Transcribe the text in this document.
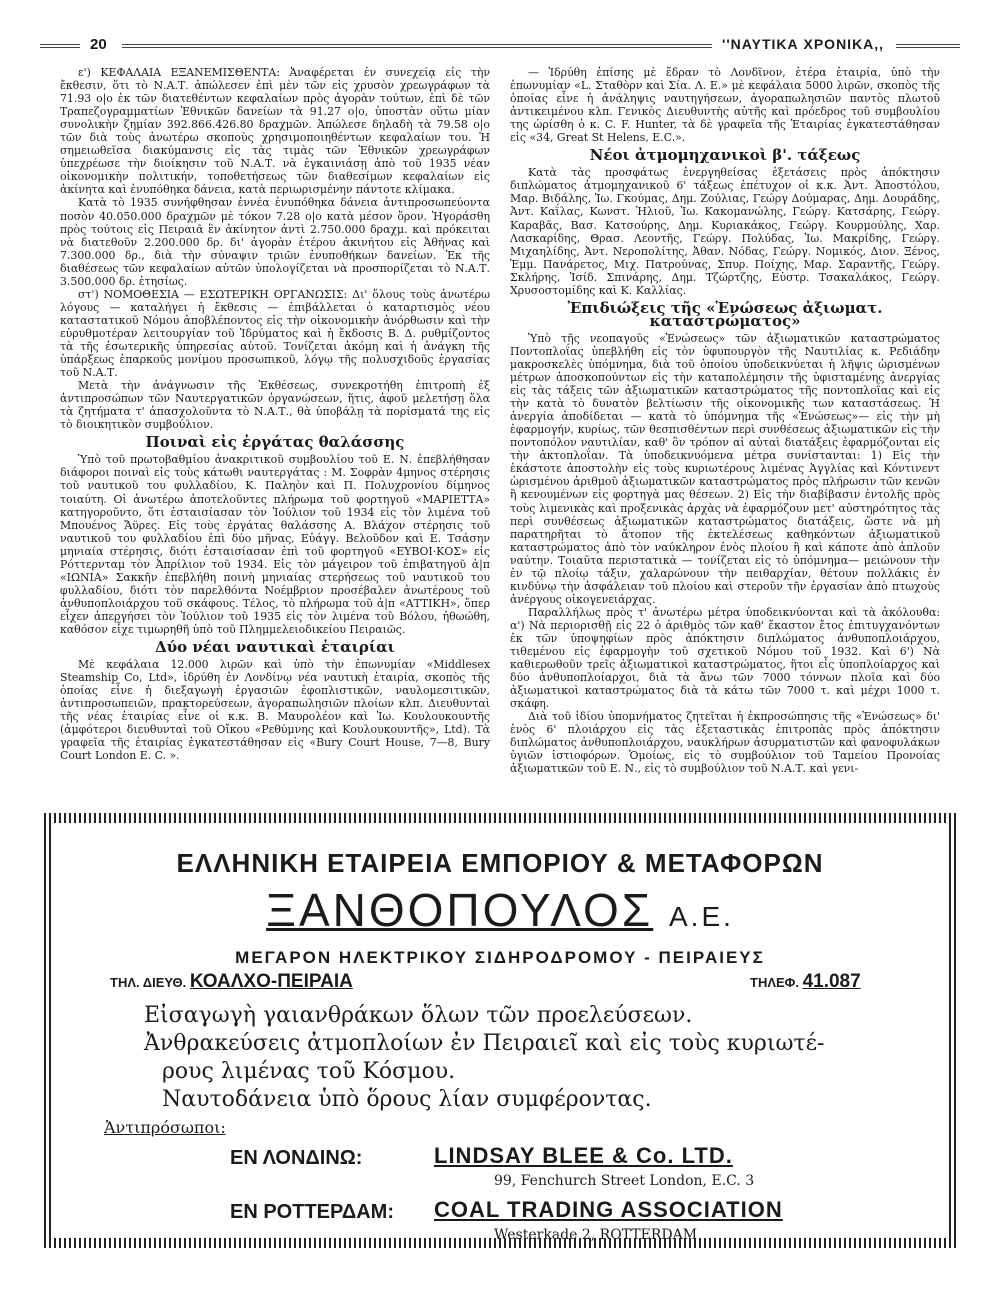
20	''ΝΑΥΤΙΚΑ ΧΡΟΝΙΚΑ,,

ε') ΚΕΦΑΛΑΙΑ ΕΞΑΝΕΜΙΣΘΕΝΤΑ: Ἀναφέρεται ἐν συνεχείᾳ εἰς τὴν ἔκθεσιν, ὅτι τὸ Ν.Α.Τ. ἀπώλεσεν ἐπὶ μὲν τῶν εἰς χρυσὸν χρεωγράφων τὰ 71.93 ο|ο ἐκ τῶν διατεθέντων κεφαλαίων πρὸς ἀγορὰν τούτων, ἐπὶ δὲ τῶν Τραπεζογραμματίων Ἐθνικῶν δανείων τὰ 91.27 ο|ο, ὑποστὰν οὕτω μίαν συνολικὴν ζημίαν 392.866.426.80 δραχμῶν. Ἀπώλεσε δηλαδὴ τὰ 79.58 ο|ο τῶν διὰ τοὺς ἀνωτέρω σκοποὺς χρησιμοποιηθέντων κεφαλαίων του. Ἡ σημειωθεῖσα διακύμανσις εἰς τὰς τιμὰς τῶν Ἐθνικῶν χρεωγράφων ὑπεχρέωσε τὴν διοίκησιν τοῦ Ν.Α.Τ. νὰ ἐγκαινιάσῃ ἀπὸ τοῦ 1935 νέαν οἰκονομικὴν πολιτικήν, τοποθετήσεως τῶν διαθεσίμων κεφαλαίων εἰς ἀκίνητα καὶ ἐνυπόθηκα δάνεια, κατὰ περιωρισμένην πάντοτε κλίμακα.

Κατὰ τὸ 1935 συνήφθησαν ἐννέα ἐνυπόθηκα δάνεια ἀντιπροσωπεύοντα ποσὸν 40.050.000 δραχμῶν μὲ τόκον 7.28 ο|ο κατὰ μέσον ὅρον. Ἠγοράσθη πρὸς τούτοις εἰς Πειραιᾶ ἓν ἀκίνητον ἀντὶ 2.750.000 δραχμ. καὶ πρόκειται νὰ διατεθοῦν 2.200.000 δρ. δι' ἀγορὰν ἑτέρου ἀκινήτου εἰς Ἀθήνας καὶ 7.300.000 δρ., διὰ τὴν σύναψιν τριῶν ἐνυποθήκων δανείων. Ἐκ τῆς διαθέσεως τῶν κεφαλαίων αὐτῶν ὑπολογίζεται νὰ προσπορίζεται τὸ Ν.Α.Τ. 3.500.000 δρ. ἐτησίως.

στ') ΝΟΜΟΘΕΣΙΑ — ΕΣΩΤΕΡΙΚΗ ΟΡΓΑΝΩΣΙΣ: Δι' ὅλους τοὺς ἀνωτέρω λόγους — καταλήγει ἡ ἔκθεσις — ἐπιβάλλεται ὁ καταρτισμὸς νέου καταστατικοῦ Νόμου ἀποβλέποντος εἰς τὴν οἰκονομικὴν ἀνόρθωσιν καὶ τὴν εὐρυθμοτέραν λειτουργίαν τοῦ Ἱδρύματος καὶ ἡ ἔκδοσις Β. Δ. ρυθμίζοντος τὰ τῆς ἐσωτερικῆς ὑπηρεσίας αὐτοῦ. Τονίζεται ἀκόμη καὶ ἡ ἀνάγκη τῆς ὑπάρξεως ἐπαρκοῦς μονίμου προσωπικοῦ, λόγῳ τῆς πολυσχιδοῦς ἐργασίας τοῦ Ν.Α.Τ.

Μετὰ τὴν ἀνάγνωσιν τῆς Ἐκθέσεως, συνεκροτήθη ἐπιτροπὴ ἐξ ἀντιπροσώπων τῶν Ναυτεργατικῶν ὀργανώσεων, ἥτις, ἀφοῦ μελετήσῃ ὅλα τὰ ζητήματα τ' ἀπασχολοῦντα τὸ Ν.Α.Τ., θὰ ὑποβάλῃ τὰ πορίσματά της εἰς τὸ διοικητικὸν συμβούλιον.

Ποιναὶ εἰς ἐργάτας θαλάσσης

Ὑπὸ τοῦ πρωτοβαθμίου ἀνακριτικοῦ συμβουλίου τοῦ Ε. Ν. ἐπεβλήθησαν διάφοροι ποιναὶ εἰς τοὺς κάτωθι ναυτεργάτας : Μ. Σοφρὰν 4μηνος στέρησις τοῦ ναυτικοῦ του φυλλαδίου, Κ. Παληὸν καὶ Π. Πολυχρονίου δίμηνος τοιαύτη. Οἱ ἀνωτέρω ἀποτελοῦντες πλήρωμα τοῦ φορτηγοῦ «ΜΑΡΙΕΤΤΑ» κατηγοροῦντο, ὅτι ἐσταισίασαν τὸν Ἰούλιον τοῦ 1934 εἰς τὸν λιμένα τοῦ Μπουένος Ἄϋρες. Εἰς τοὺς ἐργάτας θαλάσσης Α. Βλάχον στέρησις τοῦ ναυτικοῦ του φυλλαδίου ἐπὶ δύο μῆνας, Εὐάγγ. Βελοῦδον καὶ Ε. Τσάσην μηνιαία στέρησις, διότι ἐσταισίασαν ἐπὶ τοῦ φορτηγοῦ «ΕΥΒΟΙ·ΚΟΣ» εἰς Ρόττερνταμ τὸν Ἀπρίλιον τοῦ 1934. Εἰς τὸν μάγειρον τοῦ ἐπιβατηγοῦ ἀ|π «ΙΩΝΙΑ» Σακκῆν ἐπεβλήθη ποινὴ μηνιαίας στερήσεως τοῦ ναυτικοῦ του φυλλαδίου, διότι τὸν παρελθόντα Νοέμβριον προσέβαλεν ἀνωτέρους τοῦ ἀνθυποπλοιάρχου τοῦ σκάφους. Τέλος, τὸ πλήρωμα τοῦ ἀ|π «ΑΤΤΙΚΗ», ὅπερ εἶχεν ἀπεργήσει τὸν Ἰούλιον τοῦ 1935 εἰς τὸν λιμένα τοῦ Βόλου, ἠθωώθη, καθόσον εἶχε τιμωρηθῆ ὑπὸ τοῦ Πλημμελειοδικείου Πειραιῶς.

Δύο νέαι ναυτικαὶ ἑταιρίαι

Μὲ κεφάλαια 12.000 λιρῶν καὶ ὑπὸ τὴν ἐπωνυμίαν «Middlesex Steamship Co, Ltd», ἱδρύθη ἐν Λονδίνῳ νέα ναυτικὴ ἑταιρία, σκοπὸς τῆς ὁποίας εἶνε ἡ διεξαγωγὴ ἐργασιῶν ἐφοπλιστικῶν, ναυλομεσιτικῶν, ἀντιπροσωπειῶν, πρακτορεύσεων, ἀγοραπωλησιῶν πλοίων κλπ. Διευθυνταὶ τῆς νέας ἑταιρίας εἶνε οἱ κ.κ. Β. Μαυρολέον καὶ Ἰω. Κουλουκουντῆς (ἀμφότεροι διευθυνταὶ τοῦ Οἴκου «Ρεθύμνης καὶ Κουλουκουντῆς», Ltd). Τὰ γραφεῖα τῆς ἑταιρίας ἐγκατεστάθησαν εἰς «Bury Court House, 7—8, Bury Court London E. C. ».

— Ἱδρύθη ἐπίσης μὲ ἕδραν τὸ Λονδῖνον, ἑτέρα ἑταιρία, ὑπὸ τὴν ἐπωνυμίαν «L. Σταθὸρν καὶ Σία. Λ. Ε.» μὲ κεφάλαια 5000 λιρῶν, σκοπὸς τῆς ὁποίας εἶνε ἡ ἀνάληψις ναυτηγήσεων, ἀγοραπωλησιῶν παντὸς πλωτοῦ ἀντικειμένου κλπ. Γενικὸς Διευθυντὴς αὐτῆς καὶ πρόεδρος τοῦ συμβουλίου της ὡρίσθη ὁ κ. C. F. Hunter, τὰ δὲ γραφεῖα τῆς Ἑταιρίας ἐγκατεστάθησαν εἰς «34, Great St Helens, E.C.».

Νέοι ἀτμομηχανικοὶ β'. τάξεως

Κατὰ τὰς προσφάτως ἐνεργηθείσας ἐξετάσεις πρὸς ἀπόκτησιν διπλώματος ἀτμομηχανικοῦ 6' τάξεως ἐπέτυχον οἱ κ.κ. Ἀντ. Ἀποστόλου, Μαρ. Βιδάλης, Ἰω. Γκούμας, Δημ. Ζούλιας, Γεώργ Δούμαρας, Δημ. Δουράδης, Ἀντ. Καΐλας, Κωνστ. Ἠλιοῦ, Ἰω. Κακομανώλης, Γεώργ. Κατσάρης, Γεώργ. Καραβᾶς, Βασ. Κατσούρης, Δημ. Κυριακάκος, Γεώργ. Κουρμούλης, Χαρ. Λασκαρίδης, Θρασ. Λεοντῆς, Γεώργ. Πολύδας, Ἰω. Μακρίδης, Γεώργ. Μιχαηλίδης, Ἀντ. Νεροπολίτης, Ἀθαν. Νόδας, Γεώργ. Νομικός, Διον. Ξένος, Ἐμμ. Πανάρετος, Μιχ. Πατρούνας, Σπυρ. Ποίχης, Μαρ. Σαραντῆς, Γεώργ. Σκλήρης, Ἰσίδ. Σπινάρης, Δημ. Τζώρτζης, Εὐστρ. Τσακαλάκος, Γεώργ. Χρυσοστομίδης καὶ Κ. Καλλίας.

Ἐπιδιώξεις τῆς «Ἑνώσεως ἀξιωματ. καταστρώματος»

Ὑπὸ τῆς νεοπαγοῦς «Ἑνώσεως» τῶν ἀξιωματικῶν καταστρώματος Ποντοπλοΐας ὑπεβλήθη εἰς τὸν ὑφυπουργὸν τῆς Ναυτιλίας κ. Ρεδιάδην μακροσκελὲς ὑπόμνημα, διὰ τοῦ ὁποίου ὑποδεικνύεται ἡ λῆψις ὡρισμένων μέτρων ἀποσκοπούντων εἰς τὴν καταπολέμησιν τῆς ὑφισταμένης ἀνεργίας εἰς τὰς τάξεις τῶν ἀξιωματικῶν καταστρώματος τῆς ποντοπλοΐας καὶ εἰς τὴν κατὰ τὸ δυνατὸν βελτίωσιν τῆς οἰκονομικῆς των καταστάσεως. Ἡ ἀνεργία ἀποδίδεται — κατὰ τὸ ὑπόμνημα τῆς «Ἑνώσεως»— εἰς τὴν μὴ ἐφαρμογήν, κυρίως, τῶν θεσπισθέντων περὶ συνθέσεως ἀξιωματικῶν εἰς τὴν ποντοπόλον ναυτιλίαν, καθ' ὃν τρόπον αἱ αὐταὶ διατάξεις ἐφαρμόζονται εἰς τὴν ἀκτοπλοΐαν. Τὰ ὑποδεικνυόμενα μέτρα συνίστανται: 1) Εἰς τὴν ἑκάστοτε ἀποστολὴν εἰς τοὺς κυριωτέρους λιμένας Ἀγγλίας καὶ Κόντινεντ ὡρισμένου ἀριθμοῦ ἀξιωματικῶν καταστρώματος πρὸς πλήρωσιν τῶν κενῶν ἢ κενουμένων εἰς φορτηγὰ μας θέσεων. 2) Εἰς τὴν διαβίβασιν ἐντολῆς πρὸς τοὺς λιμενικὰς καὶ προξενικὰς ἀρχὰς νὰ ἐφαρμόζουν μετ' αὐστηρότητος τὰς περὶ συνθέσεως ἀξιωματικῶν καταστρώματος διατάξεις, ὥστε νὰ μὴ παρατηρῆται τὸ ἄτοπον τῆς ἐκτελέσεως καθηκόντων ἀξιωματικοῦ καταστρώματος ἀπὸ τὸν ναύκληρον ἐνὸς πλοίου ἢ καὶ κάποτε ἀπὸ ἁπλοῦν ναύτην. Τοιαῦτα περιστατικὰ — τονίζεται εἰς τὸ ὑπόμνημα— μειώνουν τὴν ἐν τῷ πλοίῳ τάξιν, χαλαρώνουν τὴν πειθαρχίαν, θέτουν πολλάκις ἐν κινδύνῳ τὴν ἀσφάλειαν τοῦ πλοίου καὶ στεροῦν τῆν ἐργασίαν ἀπὸ πτωχοὺς ἀνέργους οἰκογενειάρχας.

Παραλλήλως πρὸς τ' ἀνωτέρω μέτρα ὑποδεικνύονται καὶ τὰ ἀκόλουθα: α') Νὰ περιορισθῇ εἰς 22 ὁ ἀριθμὸς τῶν καθ' ἕκαστον ἔτος ἐπιτυγχανόντων ἐκ τῶν ὑποψηφίων πρὸς ἀπόκτησιν διπλώματος ἀνθυποπλοιάρχου, τιθεμένου εἰς ἐφαρμογὴν τοῦ σχετικοῦ Νόμου τοῦ 1932. Καὶ 6') Νὰ καθιερωθοῦν τρεῖς ἀξιωματικοὶ καταστρώματος, ἤτοι εἷς ὑποπλοίαρχος καὶ δύο ἀνθυποπλοίαρχοι, διὰ τὰ ἄνω τῶν 7000 τόννων πλοῖα καὶ δύο ἀξιωματικοὶ καταστρώματος διὰ τὰ κάτω τῶν 7000 τ. καὶ μέχρι 1000 τ. σκάφη.

Διὰ τοῦ ἰδίου ὑπομνήματος ζητεῖται ἡ ἐκπροσώπησις τῆς «Ἑνώσεως» δι' ἑνὸς 6' πλοιάρχου εἰς τὰς ἐξεταστικὰς ἐπιτροπὰς πρὸς ἀπόκτησιν διπλώματος ἀνθυποπλοιάρχου, ναυκλήρων ἀσυρματιστῶν καὶ φανοφυλάκων ὑγιῶν ἱστιοφόρων. Ὁμοίως, εἰς τὸ συμβούλιον τοῦ Ταμείου Προνοίας ἀξιωματικῶν τοῦ Ε. Ν., εἰς τὸ συμβούλιον τοῦ Ν.Α.Τ. καὶ γενι-

ΕΛΛΗΝΙΚΗ ΕΤΑΙΡΕΙΑ ΕΜΠΟΡΙΟΥ & ΜΕΤΑΦΟΡΩΝ
ΞΑΝΘΟΠΟΥΛΟΣ Α.Ε.
ΜΕΓΑΡΟΝ ΗΛΕΚΤΡΙΚΟΥ ΣΙΔΗΡΟΔΡΟΜΟΥ - ΠΕΙΡΑΙΕΥΣ
ΤΗΛ. ΔΙΕΥΘ. ΚΟΑΛΧΟ-ΠΕΙΡΑΙΑ	ΤΗΛΕΦ. 41.087
Εἰσαγωγὴ γαιανθράκων ὅλων τῶν προελεύσεων.
Ἀνθρακεύσεις ἀτμοπλοίων ἐν Πειραιεῖ καὶ εἰς τοὺς κυριωτέ-
ρους λιμένας τοῦ Κόσμου.
Ναυτοδάνεια ὑπὸ ὅρους λίαν συμφέροντας.
Ἀντιπρόσωποι:
ΕΝ ΛΟΝΔΙΝΩ:	LINDSAY BLEE & Co. LTD.
99, Fenchurch Street London, E.C. 3
ΕΝ ΡΟΤΤΕΡΔΑΜ: COAL TRADING ASSOCIATION
Westerkade 2, ROTTERDAM
